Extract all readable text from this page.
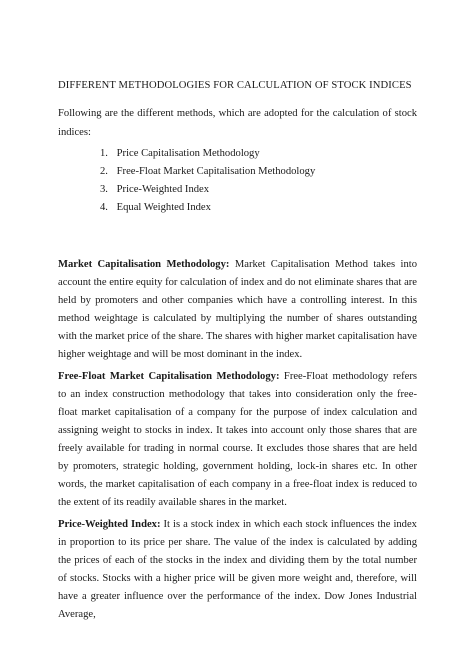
DIFFERENT METHODOLOGIES FOR CALCULATION OF STOCK INDICES
Following are the different methods, which are adopted for the calculation of stock indices:
1. Price Capitalisation Methodology
2. Free-Float Market Capitalisation Methodology
3. Price-Weighted Index
4. Equal Weighted Index

Market Capitalisation Methodology: Market Capitalisation Method takes into account the entire equity for calculation of index and do not eliminate shares that are held by promoters and other companies which have a controlling interest. In this method weightage is calculated by multiplying the number of shares outstanding with the market price of the share. The shares with higher market capitalisation have higher weightage and will be most dominant in the index.

Free-Float Market Capitalisation Methodology: Free-Float methodology refers to an index construction methodology that takes into consideration only the free-float market capitalisation of a company for the purpose of index calculation and assigning weight to stocks in index. It takes into account only those shares that are freely available for trading in normal course. It excludes those shares that are held by promoters, strategic holding, government holding, lock-in shares etc. In other words, the market capitalisation of each company in a free-float index is reduced to the extent of its readily available shares in the market.

Price-Weighted Index: It is a stock index in which each stock influences the index in proportion to its price per share. The value of the index is calculated by adding the prices of each of the stocks in the index and dividing them by the total number of stocks. Stocks with a higher price will be given more weight and, therefore, will have a greater influence over the performance of the index. Dow Jones Industrial Average,
